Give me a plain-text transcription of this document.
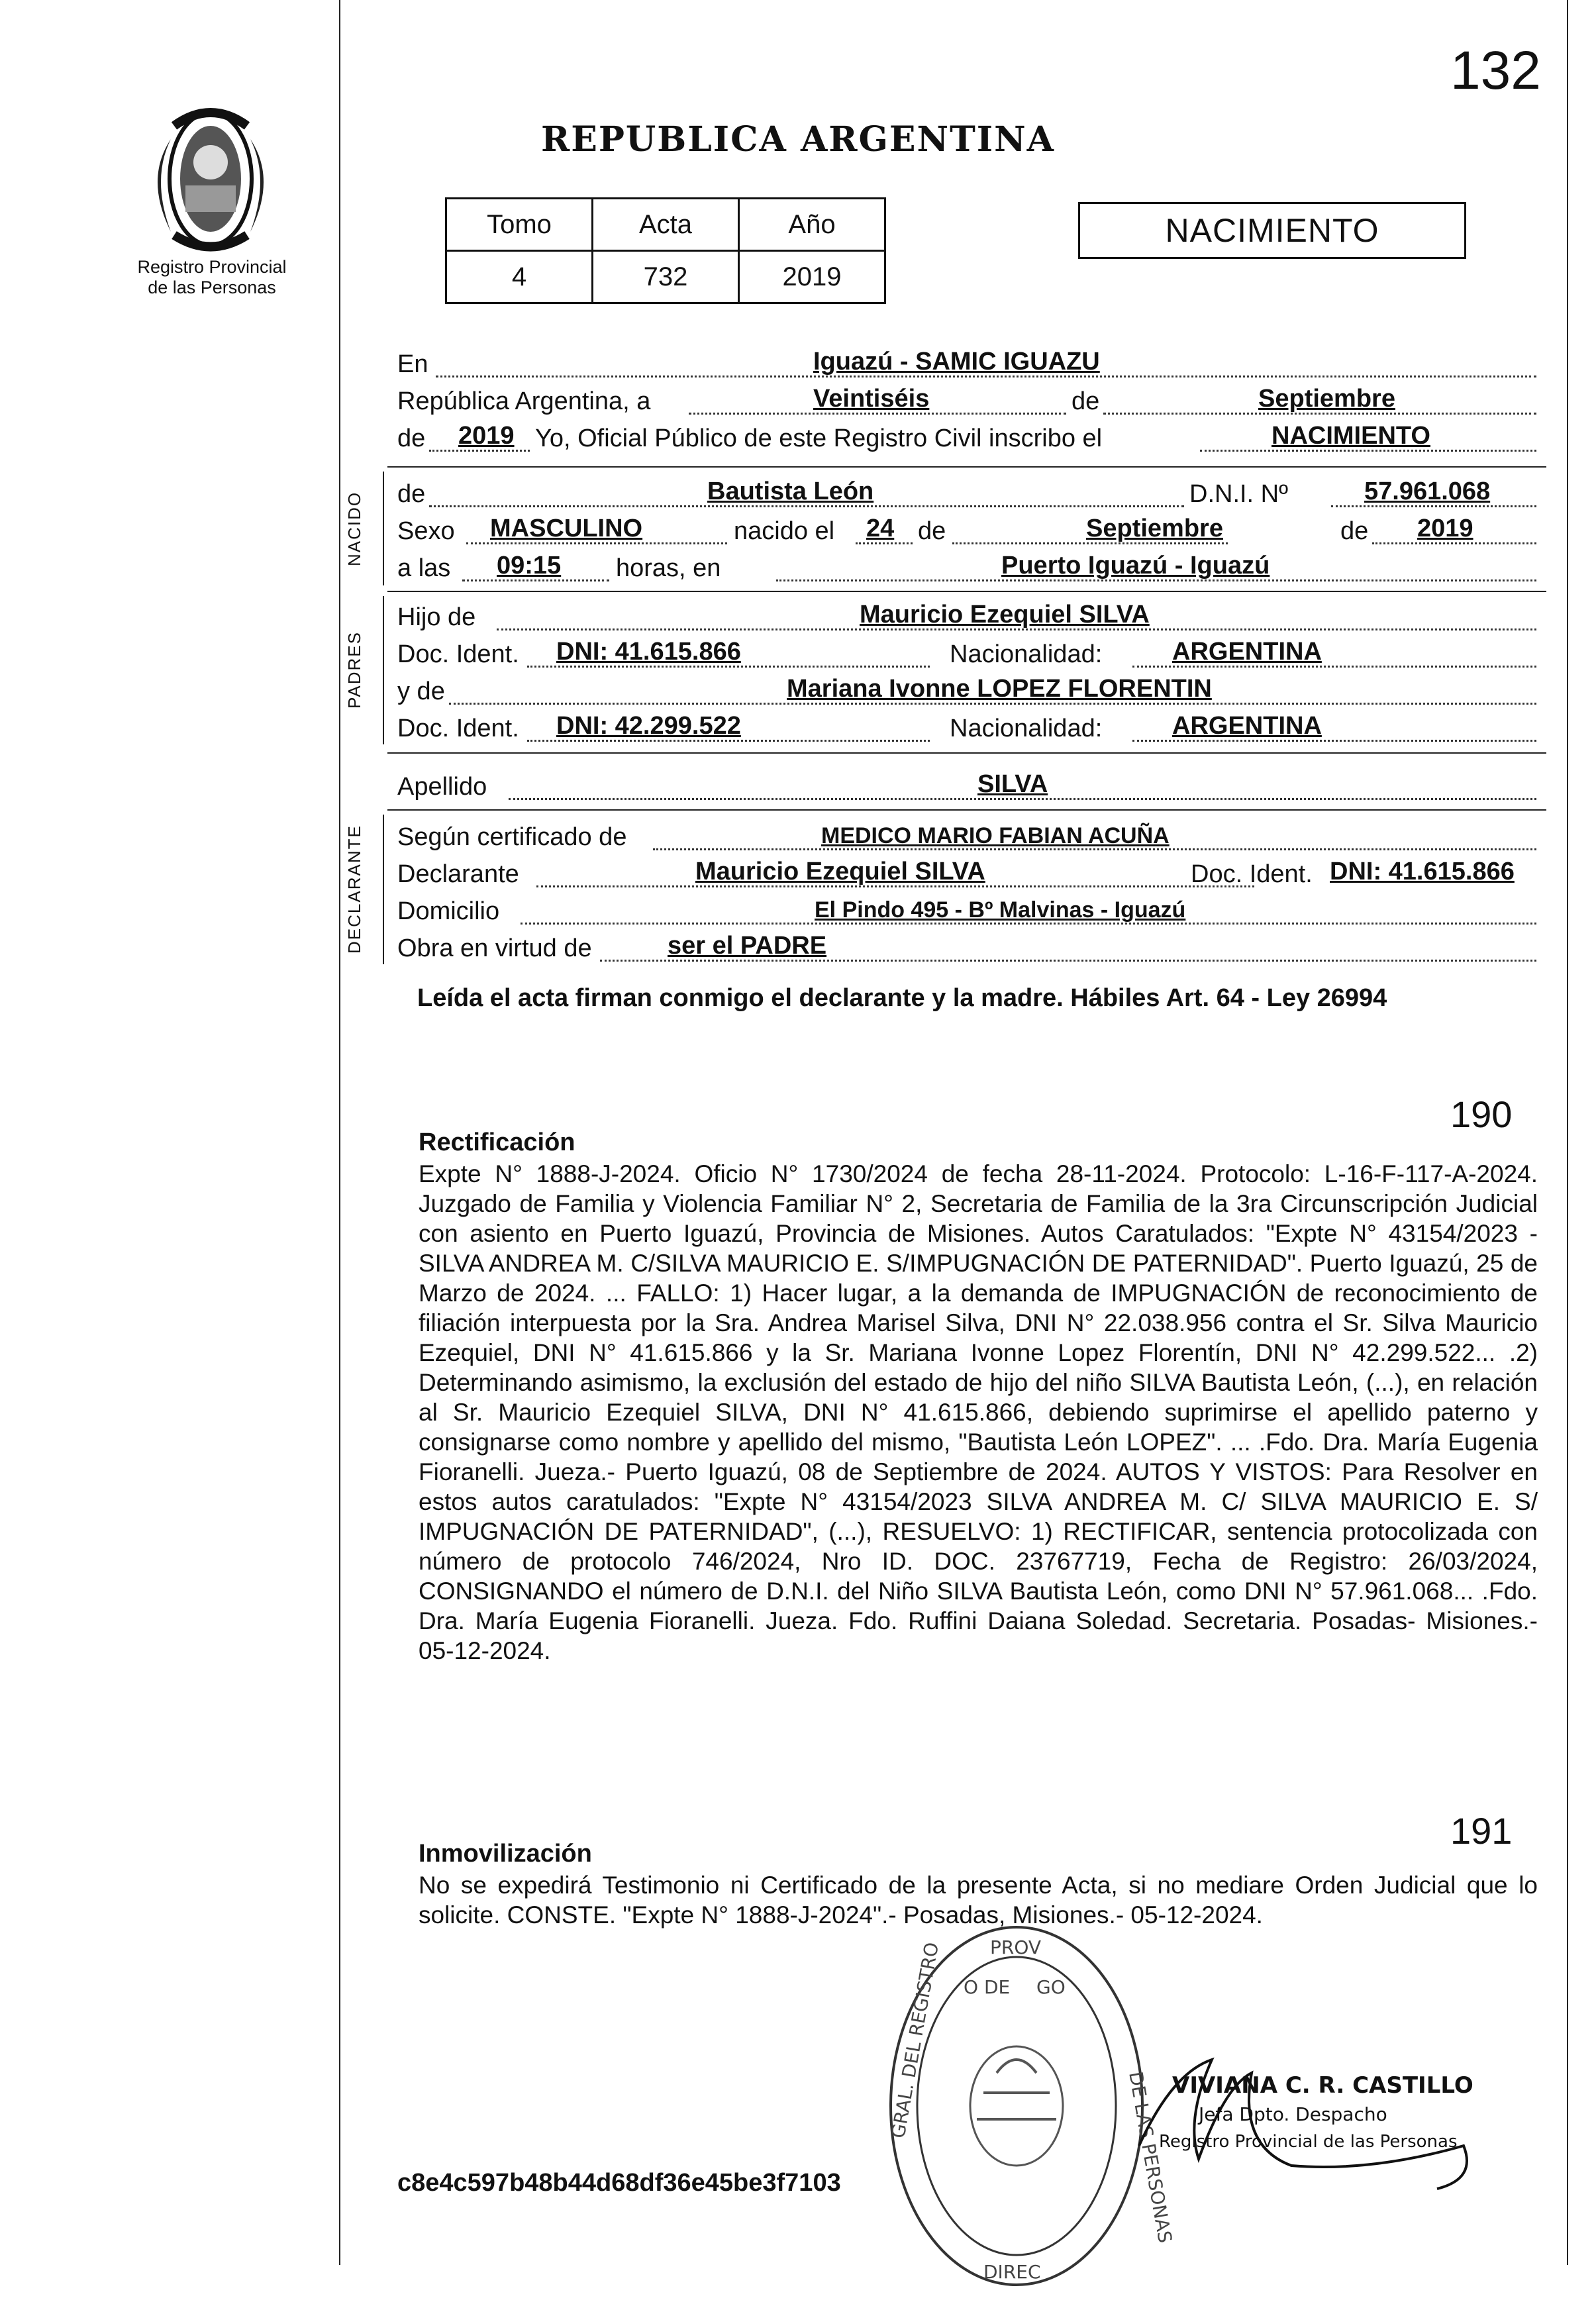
132
Registro Provincial
de las Personas
REPUBLICA ARGENTINA
Tomo	Acta	Año
4	732	2019
NACIMIENTO
En	Iguazú - SAMIC IGUAZU
República Argentina, a	Veintiséis	de	Septiembre
de 2019 Yo, Oficial Público de este Registro Civil inscribo el	NACIMIENTO
NACIDO de	Bautista León	D.N.I. Nº	57.961.068
Sexo MASCULINO	nacido el 24 de	Septiembre	de 2019
a las 09:15 horas, en	Puerto Iguazú - Iguazú
PADRES
Hijo de	Mauricio Ezequiel SILVA
Doc. Ident. DNI: 41.615.866	Nacionalidad:	ARGENTINA
y de	Mariana Ivonne LOPEZ FLORENTIN
Doc. Ident. DNI: 42.299.522	Nacionalidad:	ARGENTINA
Apellido	SILVA
DECLARANTE Según certificado de	MEDICO MARIO FABIAN ACUÑA
Declarante	Mauricio Ezequiel SILVA	Doc. Ident. DNI: 41.615.866
Domicilio	El Pindo 495 - Bº Malvinas - Iguazú
Obra en virtud de	ser el PADRE
Leída el acta firman conmigo el declarante y la madre. Hábiles Art. 64 - Ley 26994
190
Rectificación
Expte N° 1888-J-2024. Oficio N° 1730/2024 de fecha 28-11-2024. Protocolo: L-16-F-117-A-2024. Juzgado de Familia y Violencia Familiar N° 2, Secretaria de Familia de la 3ra Circunscripción Judicial con asiento en Puerto Iguazú, Provincia de Misiones. Autos Caratulados: "Expte N° 43154/2023 - SILVA ANDREA M. C/SILVA MAURICIO E. S/IMPUGNACIÓN DE PATERNIDAD". Puerto Iguazú, 25 de Marzo de 2024. ... FALLO: 1) Hacer lugar, a la demanda de IMPUGNACIÓN de reconocimiento de filiación interpuesta por la Sra. Andrea Marisel Silva, DNI N° 22.038.956 contra el Sr. Silva Mauricio Ezequiel, DNI N° 41.615.866 y la Sr. Mariana Ivonne Lopez Florentín, DNI N° 42.299.522... .2) Determinando asimismo, la exclusión del estado de hijo del niño SILVA Bautista León, (...), en relación al Sr. Mauricio Ezequiel SILVA, DNI N° 41.615.866, debiendo suprimirse el apellido paterno y consignarse como nombre y apellido del mismo, "Bautista León LOPEZ". ... .Fdo. Dra. María Eugenia Fioranelli. Jueza.- Puerto Iguazú, 08 de Septiembre de 2024. AUTOS Y VISTOS: Para Resolver en estos autos caratulados: "Expte N° 43154/2023 SILVA ANDREA M. C/ SILVA MAURICIO E. S/ IMPUGNACIÓN DE PATERNIDAD", (...), RESUELVO: 1) RECTIFICAR, sentencia protocolizada con número de protocolo 746/2024, Nro ID. DOC. 23767719, Fecha de Registro: 26/03/2024, CONSIGNANDO el número de D.N.I. del Niño SILVA Bautista León, como DNI N° 57.961.068... .Fdo. Dra. María Eugenia Fioranelli. Jueza. Fdo. Ruffini Daiana Soledad. Secretaria. Posadas- Misiones.- 05-12-2024.
191
Inmovilización
No se expedirá Testimonio ni Certificado de la presente Acta, si no mediare Orden Judicial que lo solicite. CONSTE. "Expte N° 1888-J-2024".- Posadas, Misiones.- 05-12-2024.
c8e4c597b48b44d68df36e45be3f7103
PROV
O DE GO
GRAL. DEL REGISTRO
DE LAS PERSONAS
DIREC
VIVIANA C. R. CASTILLO
Jefa Dpto. Despacho
Registro Provincial de las Personas
